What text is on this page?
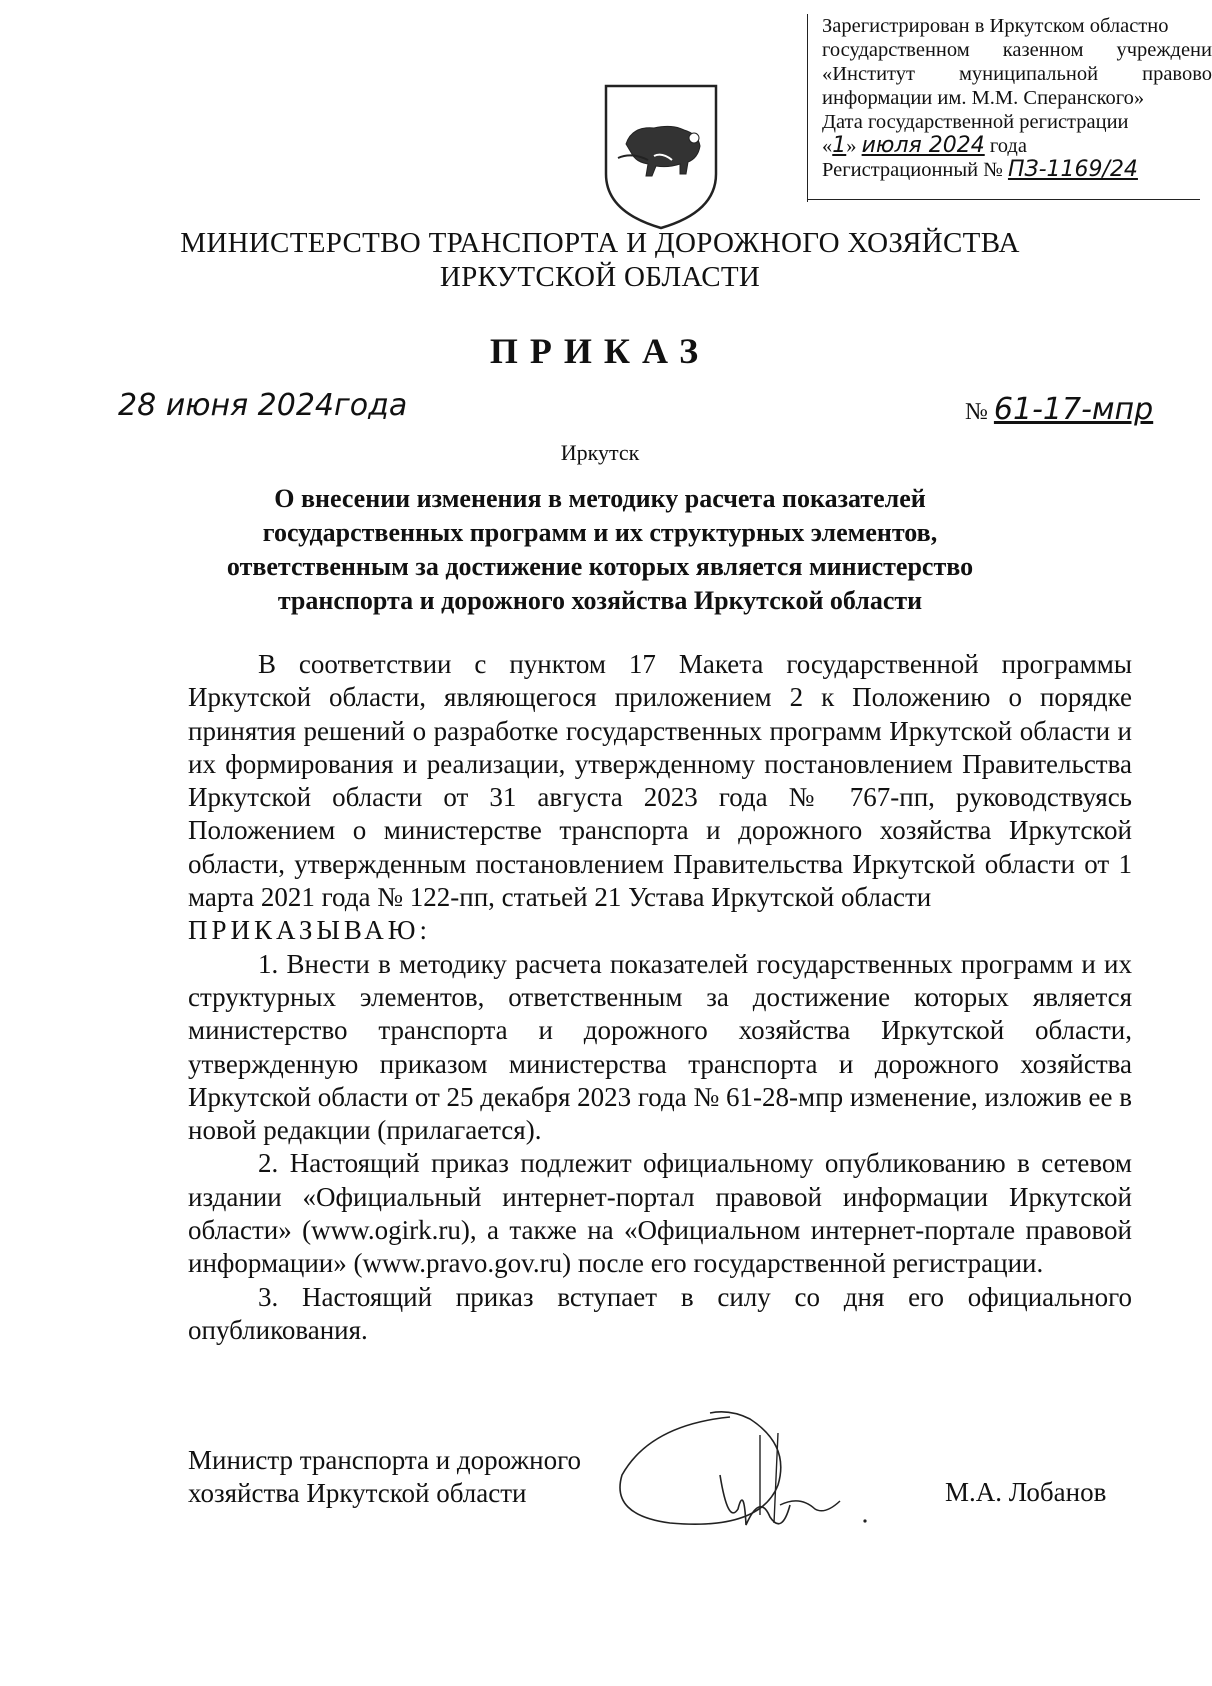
Зарегистрирован в Иркутском областно
государственном казенном учреждени
«Институт муниципальной правово
информации им. М.М. Сперанского»
Дата государственной регистрации
«1» июля 2024 года
Регистрационный № ПЗ-1169/24
МИНИСТЕРСТВО ТРАНСПОРТА И ДОРОЖНОГО ХОЗЯЙСТВА
ИРКУТСКОЙ ОБЛАСТИ
ПРИКАЗ
28 июня 2024года	№ 61-17-мпр
Иркутск
О внесении изменения в методику расчета показателей
государственных программ и их структурных элементов,
ответственным за достижение которых является министерство
транспорта и дорожного хозяйства Иркутской области

В соответствии с пунктом 17 Макета государственной программы Иркутской области, являющегося приложением 2 к Положению о порядке принятия решений о разработке государственных программ Иркутской области и их формирования и реализации, утвержденному постановлением Правительства Иркутской области от 31 августа 2023 года № 767-пп, руководствуясь Положением о министерстве транспорта и дорожного хозяйства Иркутской области, утвержденным постановлением Правительства Иркутской области от 1 марта 2021 года № 122-пп, статьей 21 Устава Иркутской области

ПРИКАЗЫВАЮ:

1. Внести в методику расчета показателей государственных программ и их структурных элементов, ответственным за достижение которых является министерство транспорта и дорожного хозяйства Иркутской области, утвержденную приказом министерства транспорта и дорожного хозяйства Иркутской области от 25 декабря 2023 года № 61-28-мпр изменение, изложив ее в новой редакции (прилагается).

2. Настоящий приказ подлежит официальному опубликованию в сетевом издании «Официальный интернет-портал правовой информации Иркутской области» (www.ogirk.ru), а также на «Официальном интернет-портале правовой информации» (www.pravo.gov.ru) после его государственной регистрации.

3. Настоящий приказ вступает в силу со дня его официального опубликования.

Министр транспорта и дорожного
хозяйства Иркутской области	М.А. Лобанов
